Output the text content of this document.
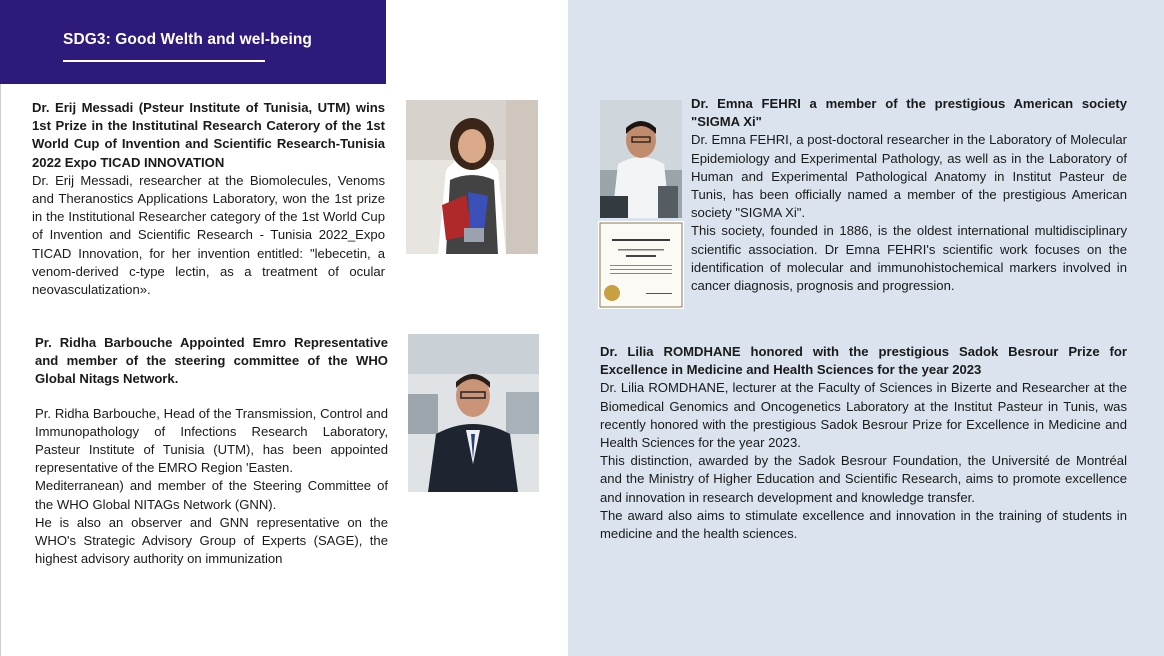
SDG3: Good Welth and wel-being

Dr. Erij Messadi (Psteur Institute of Tunisia, UTM) wins 1st Prize in the Institutinal Research Caterory of the 1st World Cup of Invention and Scientific Research-Tunisia 2022 Expo TICAD INNOVATION

Dr. Erij Messadi, researcher at the Biomolecules, Venoms and Theranostics Applications Laboratory, won the 1st prize in the Institutional Researcher category of the 1st World Cup of Invention and Scientific Research - Tunisia 2022_Expo TICAD Innovation, for her invention entitled: "lebecetin, a venom-derived c-type lectin, as a treatment of ocular neovasculatization».

Pr. Ridha Barbouche Appointed Emro Representative and member of the steering committee of the WHO Global Nitags Network.

Pr. Ridha Barbouche, Head of the Transmission, Control and Immunopathology of Infections Research Laboratory, Pasteur Institute of Tunisia (UTM), has been appointed representative of the EMRO Region 'Easten.

Mediterranean) and member of the Steering Committee of the WHO Global NITAGs Network (GNN).

He is also an observer and GNN representative on the WHO's Strategic Advisory Group of Experts (SAGE), the highest advisory authority on immunization

Dr. Emna FEHRI a member of the prestigious American society "SIGMA Xi"

Dr. Emna FEHRI, a post-doctoral researcher in the Laboratory of Molecular Epidemiology and Experimental Pathology, as well as in the Laboratory of Human and Experimental Pathological Anatomy in Institut Pasteur de Tunis, has been officially named a member of the prestigious American society "SIGMA Xi".

This society, founded in 1886, is the oldest international multidisciplinary scientific association. Dr Emna FEHRI's scientific work focuses on the identification of molecular and immunohistochemical markers involved in cancer diagnosis, prognosis and progression.

Dr. Lilia ROMDHANE honored with the prestigious Sadok Besrour Prize for Excellence in Medicine and Health Sciences for the year 2023

Dr. Lilia ROMDHANE, lecturer at the Faculty of Sciences in Bizerte and Researcher at the Biomedical Genomics and Oncogenetics Laboratory at the Institut Pasteur in Tunis, was recently honored with the prestigious Sadok Besrour Prize for Excellence in Medicine and Health Sciences for the year 2023.

This distinction, awarded by the Sadok Besrour Foundation, the Université de Montréal and the Ministry of Higher Education and Scientific Research, aims to promote excellence and innovation in research development and knowledge transfer.

The award also aims to stimulate excellence and innovation in the training of students in medicine and the health sciences.
